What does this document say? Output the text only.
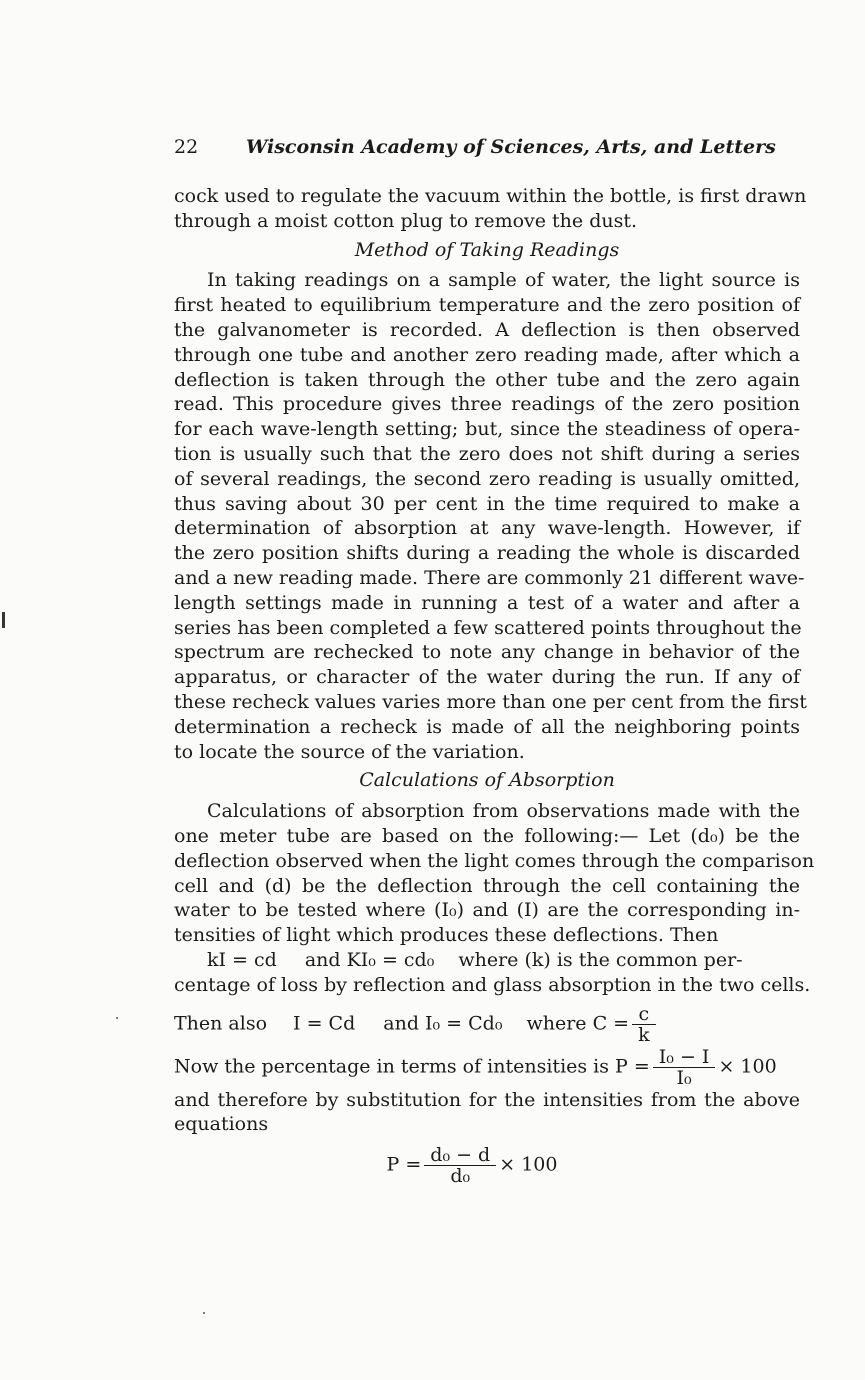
22	Wisconsin Academy of Sciences, Arts, and Letters
cock used to regulate the vacuum within the bottle, is first drawn
through a moist cotton plug to remove the dust.
Method of Taking Readings
In taking readings on a sample of water, the light source is
first heated to equilibrium temperature and the zero position of
the galvanometer is recorded. A deflection is then observed
through one tube and another zero reading made, after which a
deflection is taken through the other tube and the zero again
read. This procedure gives three readings of the zero position
for each wave-length setting; but, since the steadiness of opera-
tion is usually such that the zero does not shift during a series
of several readings, the second zero reading is usually omitted,
thus saving about 30 per cent in the time required to make a
determination of absorption at any wave-length. However, if
the zero position shifts during a reading the whole is discarded
and a new reading made. There are commonly 21 different wave-
length settings made in running a test of a water and after a
series has been completed a few scattered points throughout the
spectrum are rechecked to note any change in behavior of the
apparatus, or character of the water during the run. If any of
these recheck values varies more than one per cent from the first
determination a recheck is made of all the neighboring points
to locate the source of the variation.
Calculations of Absorption
Calculations of absorption from observations made with the
one meter tube are based on the following:— Let (d₀) be the
deflection observed when the light comes through the comparison
cell and (d) be the deflection through the cell containing the
water to be tested where (I₀) and (I) are the corresponding in-
tensities of light which produces these deflections. Then
kI = cd and KI₀ = cd₀ where (k) is the common per-
centage of loss by reflection and glass absorption in the two cells.
Then also I = Cd and I₀ = Cd₀ where $C = \frac{c}{k}$
Now the percentage in terms of intensities is $P = \frac{\text{I₀ − I}}{\text{I₀}} \times 100$
and therefore by substitution for the intensities from the above
equations
$P = \frac{\text{d₀ − d}}{\text{d₀}} \times 100$
